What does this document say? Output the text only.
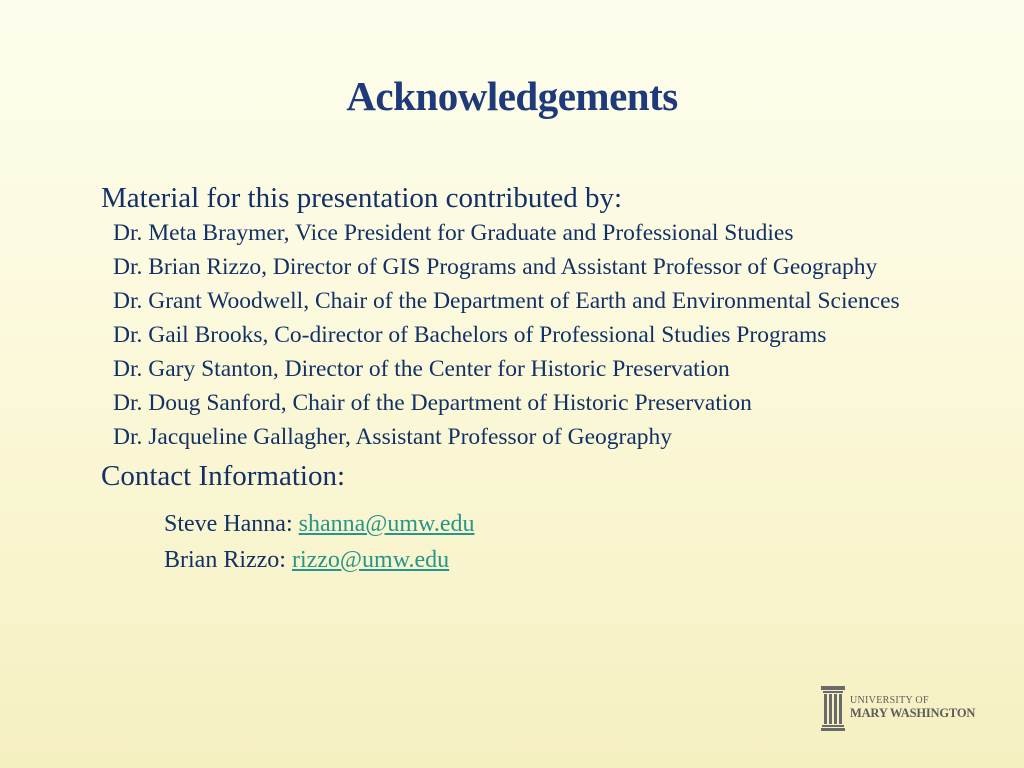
Acknowledgements

Material for this presentation contributed by:

Dr. Meta Braymer, Vice President for Graduate and Professional Studies
Dr. Brian Rizzo, Director of GIS Programs and Assistant Professor of Geography
Dr. Grant Woodwell, Chair of the Department of Earth and Environmental Sciences
Dr. Gail Brooks, Co-director of Bachelors of Professional Studies Programs
Dr. Gary Stanton, Director of the Center for Historic Preservation
Dr. Doug Sanford, Chair of the Department of Historic Preservation
Dr. Jacqueline Gallagher, Assistant Professor of Geography

Contact Information:

Steve Hanna: shanna@umw.edu
Brian Rizzo: rizzo@umw.edu
UNIVERSITY OF
MARY WASHINGTON
